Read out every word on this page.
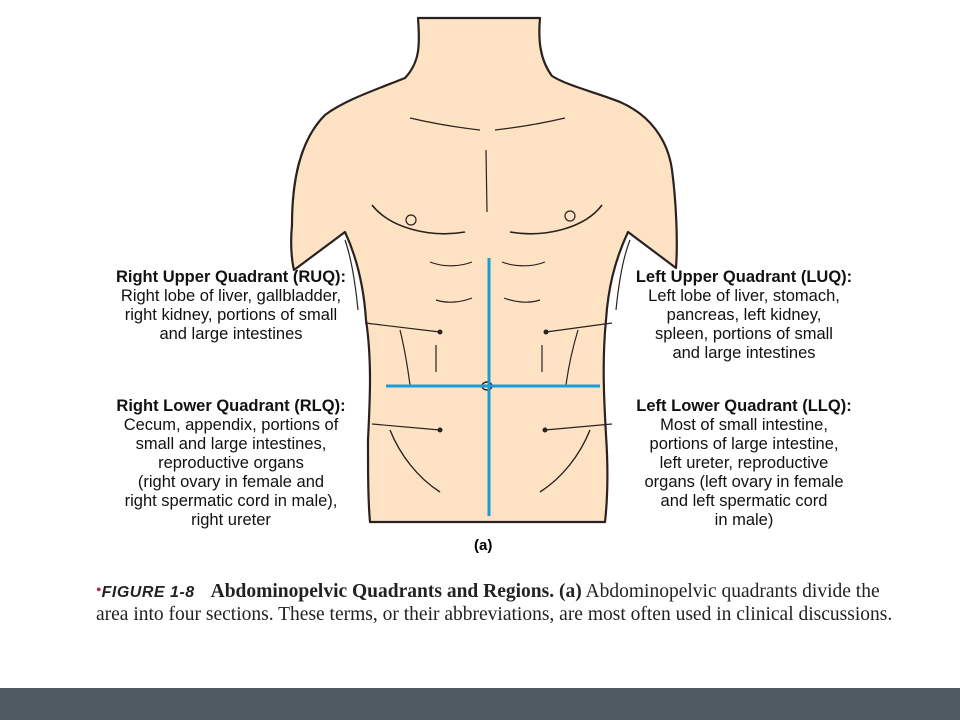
Right Upper Quadrant (RUQ):
Right lobe of liver, gallbladder,
right kidney, portions of small
and large intestines
Right Lower Quadrant (RLQ):
Cecum, appendix, portions of
small and large intestines,
reproductive organs
(right ovary in female and
right spermatic cord in male),
right ureter
Left Upper Quadrant (LUQ):
Left lobe of liver, stomach,
pancreas, left kidney,
spleen, portions of small
and large intestines
Left Lower Quadrant (LLQ):
Most of small intestine,
portions of large intestine,
left ureter, reproductive
organs (left ovary in female
and left spermatic cord
in male)
(a)
•FIGURE 1-8 Abdominopelvic Quadrants and Regions. (a) Abdominopelvic quadrants divide the area into four sections. These terms, or their abbreviations, are most often used in clinical discussions.
